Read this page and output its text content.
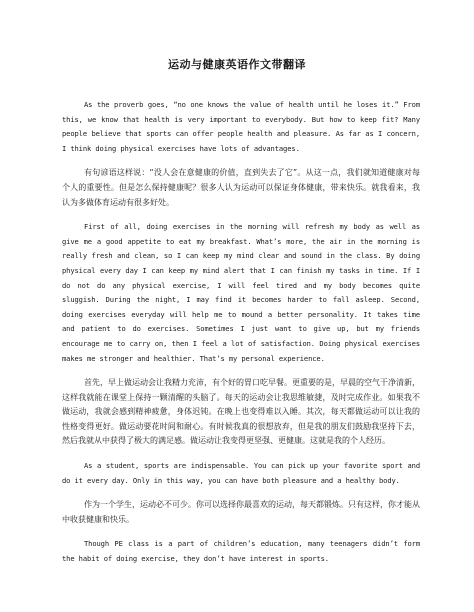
运动与健康英语作文带翻译

As the proverb goes, “no one knows the value of health until he loses it.” From this, we know that health is very important to everybody. But how to keep fit? Many people believe that sports can offer people health and pleasure. As far as I concern, I think doing physical exercises have lots of advantages.

有句谚语这样说：“没人会在意健康的价值，直到失去了它”。从这一点，我们就知道健康对每个人的重要性。但是怎么保持健康呢？很多人认为运动可以保证身体健康，带来快乐。就我看来，我认为多做体育运动有很多好处。

First of all, doing exercises in the morning will refresh my body as well as give me a good appetite to eat my breakfast. What’s more, the air in the morning is really fresh and clean, so I can keep my mind clear and sound in the class. By doing physical every day I can keep my mind alert that I can finish my tasks in time. If I do not do any physical exercise, I will feel tired and my body becomes quite sluggish. During the night, I may find it becomes harder to fall asleep. Second, doing exercises everyday will help me to mound a better personality. It takes time and patient to do exercises. Sometimes I just want to give up, but my friends encourage me to carry on, then I feel a lot of satisfaction. Doing physical exercises makes me stronger and healthier. That’s my personal experience.

首先，早上做运动会让我精力充沛，有个好的胃口吃早餐。更重要的是，早晨的空气干净清新，这样我就能在课堂上保持一颗清醒的头脑了。每天的运动会让我思维敏捷，及时完成作业。如果我不做运动，我就会感到精神疲惫，身体迟钝。在晚上也变得难以入睡。其次，每天都做运动可以让我的性格变得更好。做运动要花时间和耐心。有时候我真的很想放弃，但是我的朋友们鼓励我坚持下去，然后我就从中获得了极大的满足感。做运动让我变得更坚强、更健康。这就是我的个人经历。

As a student, sports are indispensable. You can pick up your favorite sport and do it every day. Only in this way, you can have both pleasure and a healthy body.

作为一个学生，运动必不可少。你可以选择你最喜欢的运动，每天都锻炼。只有这样，你才能从中收获健康和快乐。

Though PE class is a part of children’s education, many teenagers didn’t form the habit of doing exercise, they don’t have interest in sports.
